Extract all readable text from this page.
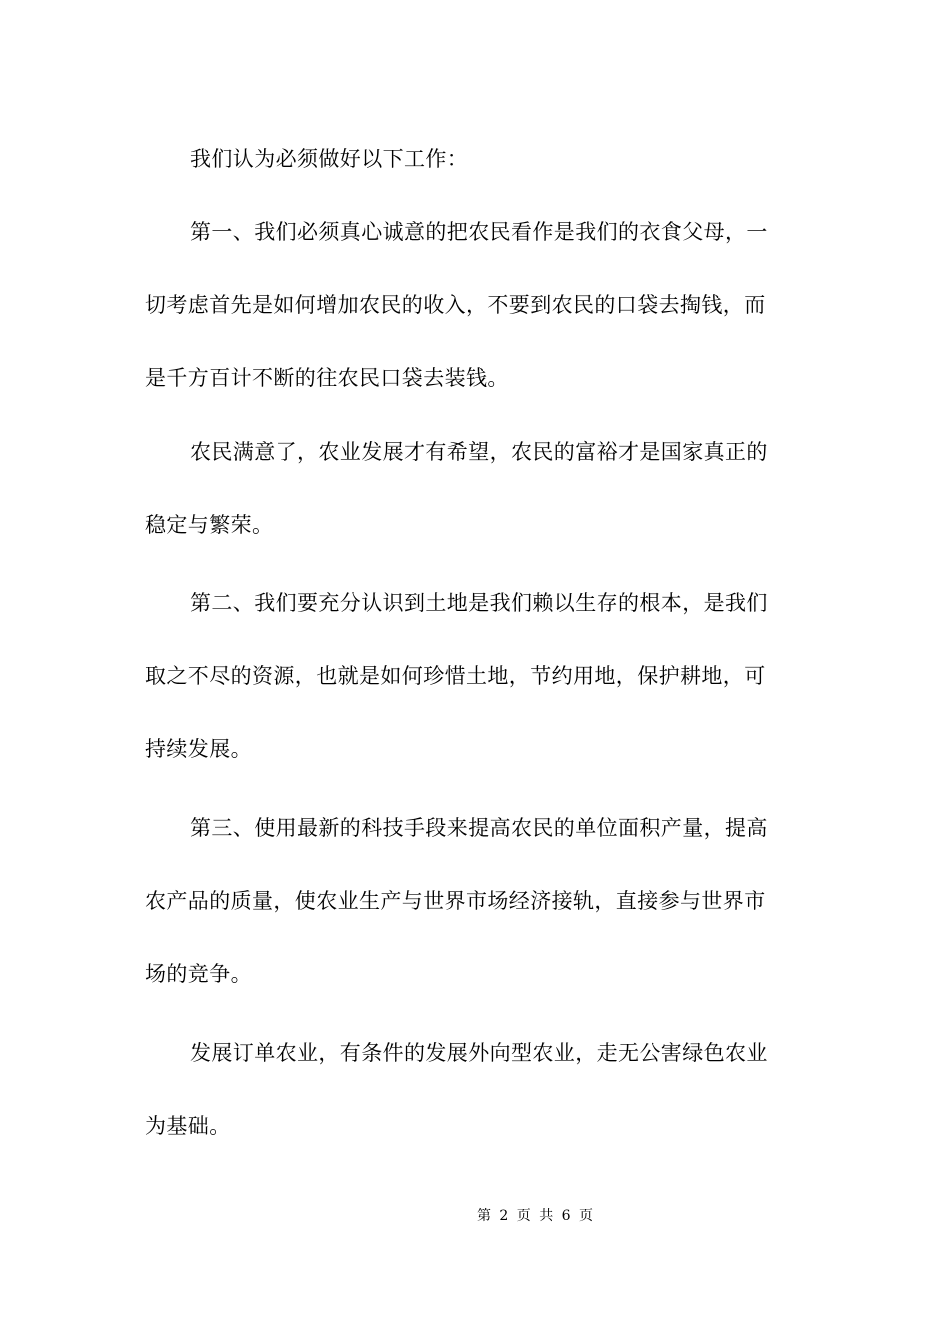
我们认为必须做好以下工作：
第一、我们必须真心诚意的把农民看作是我们的衣食父母，一
切考虑首先是如何增加农民的收入，不要到农民的口袋去掏钱，而
是千方百计不断的往农民口袋去装钱。
农民满意了，农业发展才有希望，农民的富裕才是国家真正的
稳定与繁荣。
第二、我们要充分认识到土地是我们赖以生存的根本，是我们
取之不尽的资源，也就是如何珍惜土地，节约用地，保护耕地，可
持续发展。
第三、使用最新的科技手段来提高农民的单位面积产量，提高
农产品的质量，使农业生产与世界市场经济接轨，直接参与世界市
场的竞争。
发展订单农业，有条件的发展外向型农业，走无公害绿色农业
为基础。
第 2 页 共 6 页
